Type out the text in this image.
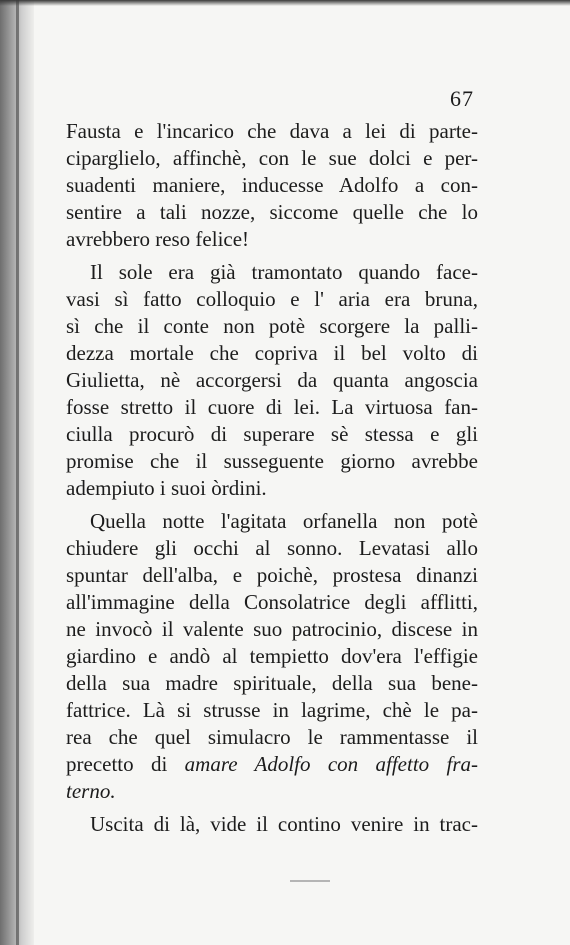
67
Fausta e l'incarico che dava a lei di parte-
ciparglielo, affinchè, con le sue dolci e per-
suadenti maniere, inducesse Adolfo a con-
sentire a tali nozze, siccome quelle che lo
avrebbero reso felice!
Il sole era già tramontato quando face-
vasi sì fatto colloquio e l' aria era bruna,
sì che il conte non potè scorgere la palli-
dezza mortale che copriva il bel volto di
Giulietta, nè accorgersi da quanta angoscia
fosse stretto il cuore di lei. La virtuosa fan-
ciulla procurò di superare sè stessa e gli
promise che il susseguente giorno avrebbe
adempiuto i suoi òrdini.
Quella notte l'agitata orfanella non potè
chiudere gli occhi al sonno. Levatasi allo
spuntar dell'alba, e poichè, prostesa dinanzi
all'immagine della Consolatrice degli afflitti,
ne invocò il valente suo patrocinio, discese in
giardino e andò al tempietto dov'era l'effigie
della sua madre spirituale, della sua bene-
fattrice. Là si strusse in lagrime, chè le pa-
rea che quel simulacro le rammentasse il
precetto di amare Adolfo con affetto fra-
terno.
Uscita di là, vide il contino venire in trac-
